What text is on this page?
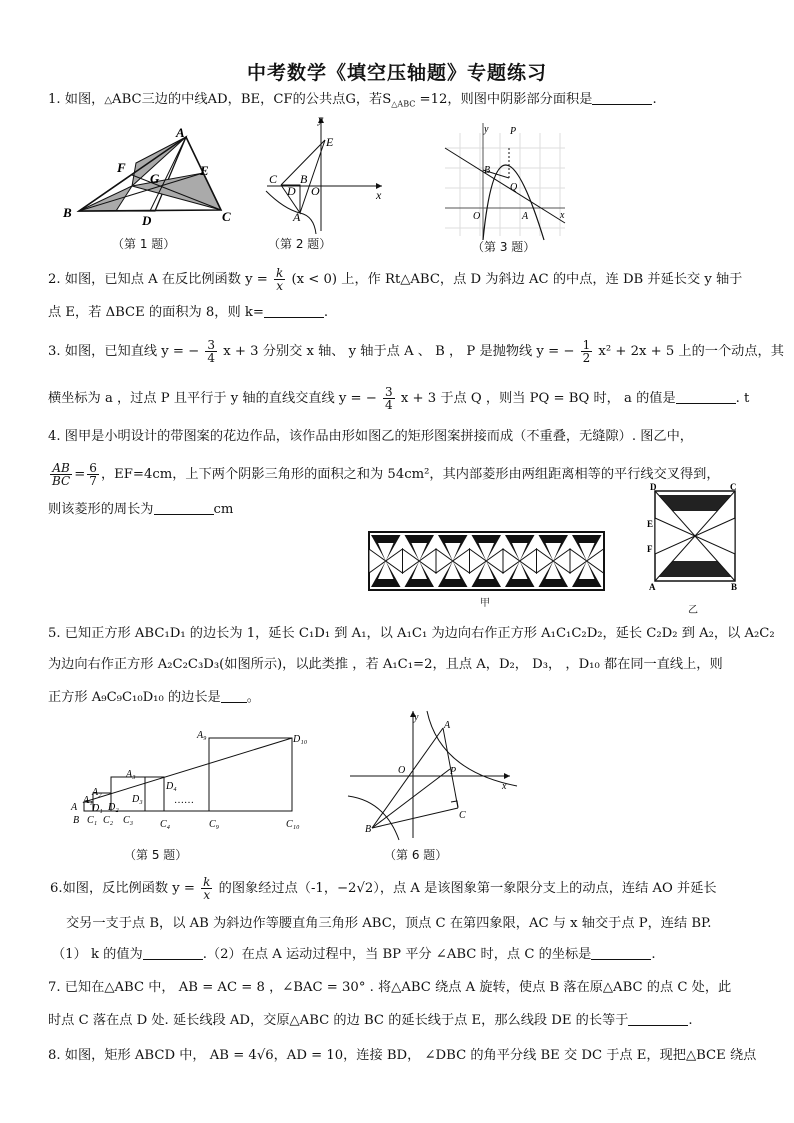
中考数学《填空压轴题》专题练习
1. 如图，△ABC三边的中线AD，BE，CF的公共点G，若$S_{\triangle ABC} =12$，则图中阴影部分面积是	.
A
B	C
D
E
F
G
（第 1 题）
y
x
E
C B
D O
A
（第 2 题）
y P
B
Q
O	A	x
（第 3 题）
2. 如图，已知点 A 在反比例函数 $y = \frac{k}{x} (x < 0)$ 上，作 Rt△ABC，点 D 为斜边 AC 的中点，连 DB 并延长交 y 轴于
点 E，若 ΔBCE 的面积为 8，则 k=	.
3. 如图，已知直线 y = − $\frac{3}{4}$ x + 3 分别交 x 轴、 y 轴于点 A 、 B ， P 是抛物线 y = − $\frac{1}{2} x^2 + 2x + 5$ 上的一个动点，其
横坐标为 a ，过点 P 且平行于 y 轴的直线交直线 y = − $\frac{3}{4}$ x + 3 于点 Q ，则当 PQ = BQ 时， a 的值是	. t
4. 图甲是小明设计的带图案的花边作品，该作品由形如图乙的矩形图案拼接而成（不重叠，无缝隙）. 图乙中，
$\frac{AB}{BC} = \frac{6}{7}$ ，EF=4cm，上下两个阴影三角形的面积之和为 54cm²，其内部菱形由两组距离相等的平行线交叉得到，
则该菱形的周长为	cm
甲
D	C
E
F
A	B
乙
5. 已知正方形 ABC₁D₁ 的边长为 1，延长 C₁D₁ 到 A₁，以 A₁C₁ 为边向右作正方形 A₁C₁C₂D₂，延长 C₂D₂ 到 A₂，以 A₂C₂
为边向右作正方形 A₂C₂C₃D₃(如图所示)，以此类推 ，若 A₁C₁=2，且点 A，D₂， D₃， ，D₁₀ 都在同一直线上，则
正方形 A₉C₉C₁₀D₁₀ 的边长是 。
A
B
A₁
A₂
A₃
A₉
D₁ D₂
D₃
D₄
D₁₀
C₁ C₂ C₃	C₄	C₉	C₁₀
……
（第 5 题）
y
A
O	P
x
B
C
（第 6 题）
6.如图，反比例函数 $y = \frac{k}{x}$ 的图象经过点（-1，−2√2），点 A 是该图象第一象限分支上的动点，连结 AO 并延长
交另一支于点 B，以 AB 为斜边作等腰直角三角形 ABC，顶点 C 在第四象限，AC 与 x 轴交于点 P，连结 BP.
（1） k 的值为	.（2）在点 A 运动过程中，当 BP 平分 ∠ABC 时，点 C 的坐标是	.
7. 已知在△ABC 中， AB = AC = 8 ，∠BAC = 30° . 将△ABC 绕点 A 旋转，使点 B 落在原△ABC 的点 C 处，此
时点 C 落在点 D 处. 延长线段 AD，交原△ABC 的边 BC 的延长线于点 E，那么线段 DE 的长等于	.
8. 如图，矩形 ABCD 中， AB = 4√6，AD = 10，连接 BD， ∠DBC 的角平分线 BE 交 DC 于点 E，现把△BCE 绕点
